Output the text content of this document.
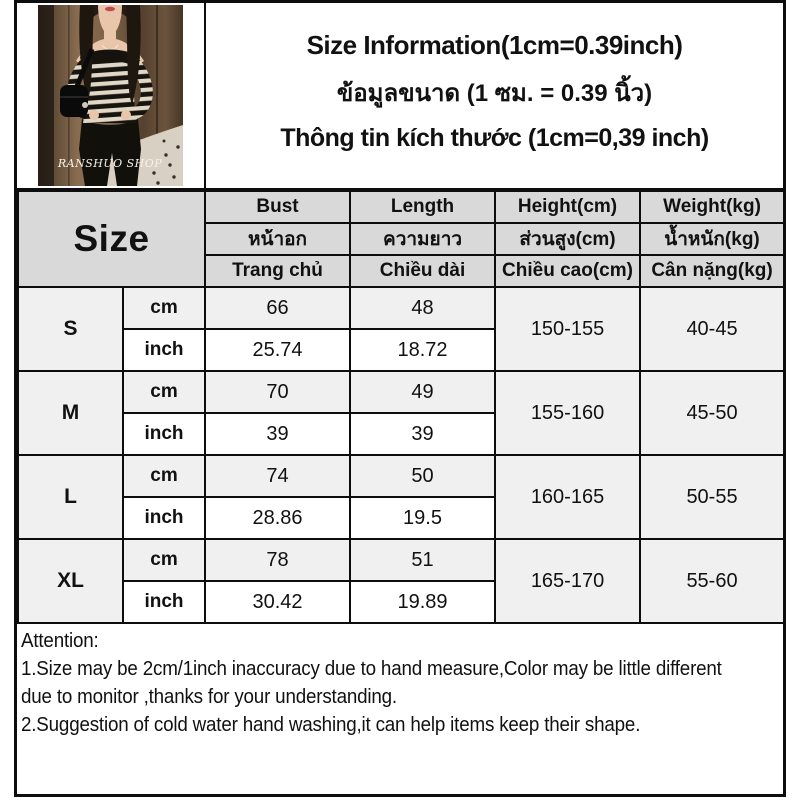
RANSHUO SHOP
Size Information(1cm=0.39inch)
ข้อมูลขนาด (1 ซม. = 0.39 นิ้ว)
Thông tin kích thước (1cm=0,39 inch)
Size		Bust	Length	Height(cm)	Weight(kg)
		หน้าอก	ความยาว	ส่วนสูง(cm)	น้ำหนัก(kg)
		Trang chủ	Chiều dài	Chiều cao(cm)	Cân nặng(kg)
S	cm	66	48	150-155	40-45
	inch	25.74	18.72		
M	cm	70	49	155-160	45-50
	inch	39	39		
L	cm	74	50	160-165	50-55
	inch	28.86	19.5		
XL	cm	78	51	165-170	55-60
	inch	30.42	19.89		
Attention:
1.Size may be 2cm/1inch inaccuracy due to hand measure,Color may be little different
due to monitor ,thanks for your understanding.
2.Suggestion of cold water hand washing,it can help items keep their shape.
